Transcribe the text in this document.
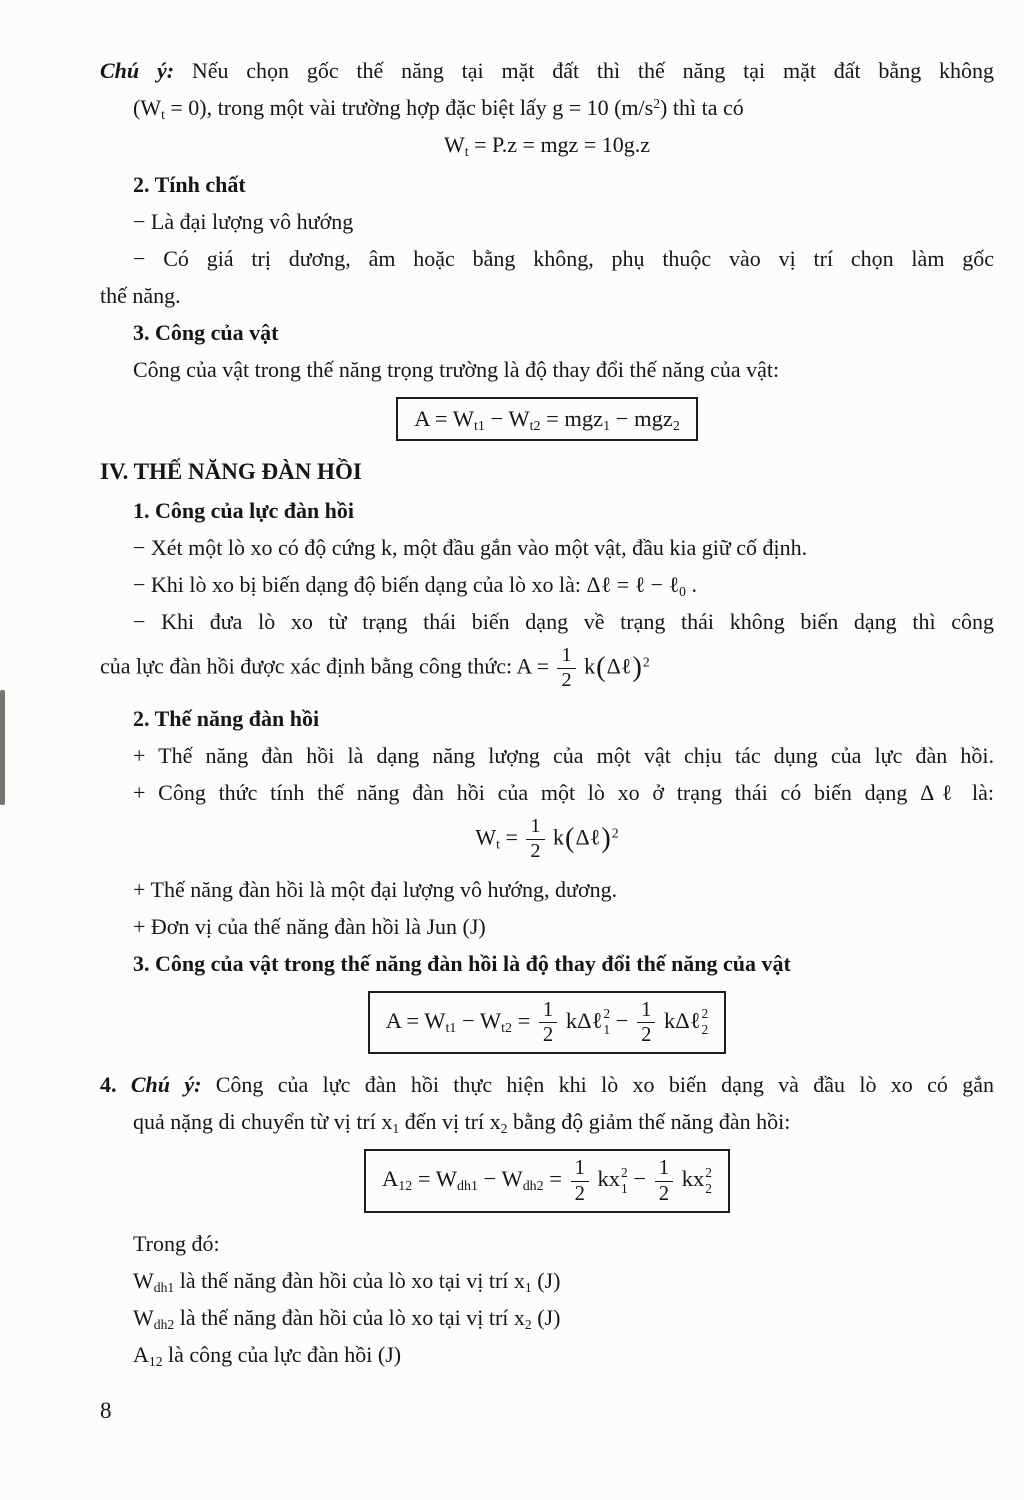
Chú ý: Nếu chọn gốc thế năng tại mặt đất thì thế năng tại mặt đất bằng không
$(W_t = 0)$, trong một vài trường hợp đặc biệt lấy g = 10 $(m/s^2)$ thì ta có
$W_t = P.z$ = mgz = 10g.z
2. Tính chất
− Là đại lượng vô hướng
− Có giá trị dương, âm hoặc bằng không, phụ thuộc vào vị trí chọn làm gốc
thế năng.
3. Công của vật
Công của vật trong thế năng trọng trường là độ thay đổi thế năng của vật:
$A = W_{t1} - W_{t2} = mgz_1 - mgz_2$
IV. THẾ NĂNG ĐÀN HỒI
1. Công của lực đàn hồi
− Xét một lò xo có độ cứng k, một đầu gắn vào một vật, đầu kia giữ cố định.
− Khi lò xo bị biến dạng độ biến dạng của lò xo là: Δℓ = ℓ − ℓ$_0$ .
− Khi đưa lò xo từ trạng thái biến dạng về trạng thái không biến dạng thì công
của lực đàn hồi được xác định bằng công thức: $A = \frac{1}{2}$ k(Δℓ)$^2$
2. Thế năng đàn hồi
+ Thế năng đàn hồi là dạng năng lượng của một vật chịu tác dụng của lực đàn hồi.
+ Công thức tính thế năng đàn hồi của một lò xo ở trạng thái có biến dạng Δℓ là:
$W_t = \frac{1}{2}$ k(Δℓ)$^2$
+ Thế năng đàn hồi là một đại lượng vô hướng, dương.
+ Đơn vị của thế năng đàn hồi là Jun (J)
3. Công của vật trong thế năng đàn hồi là độ thay đổi thế năng của vật
$A = W_{t1} - W_{t2} = \frac{1}{2}$ kΔℓ 2
$1 - \frac{1}{2}$ kΔℓ 2
2
4. Chú ý: Công của lực đàn hồi thực hiện khi lò xo biến dạng và đầu lò xo có gắn
quả nặng di chuyển từ vị trí $x_1$ đến vị trí $x_2$ bằng độ giảm thế năng đàn hồi:
$A_{12} = W_{dh1} - W_{dh2} = \frac{1}{2}$ kx 2
$1 - \frac{1}{2}$ kx 2
2
Trong đó:
$W_{dh1}$ là thế năng đàn hồi của lò xo tại vị trí $x_1$ (J)
$W_{dh2}$ là thế năng đàn hồi của lò xo tại vị trí $x_2$ (J)
$A_{12}$ là công của lực đàn hồi (J)
8
